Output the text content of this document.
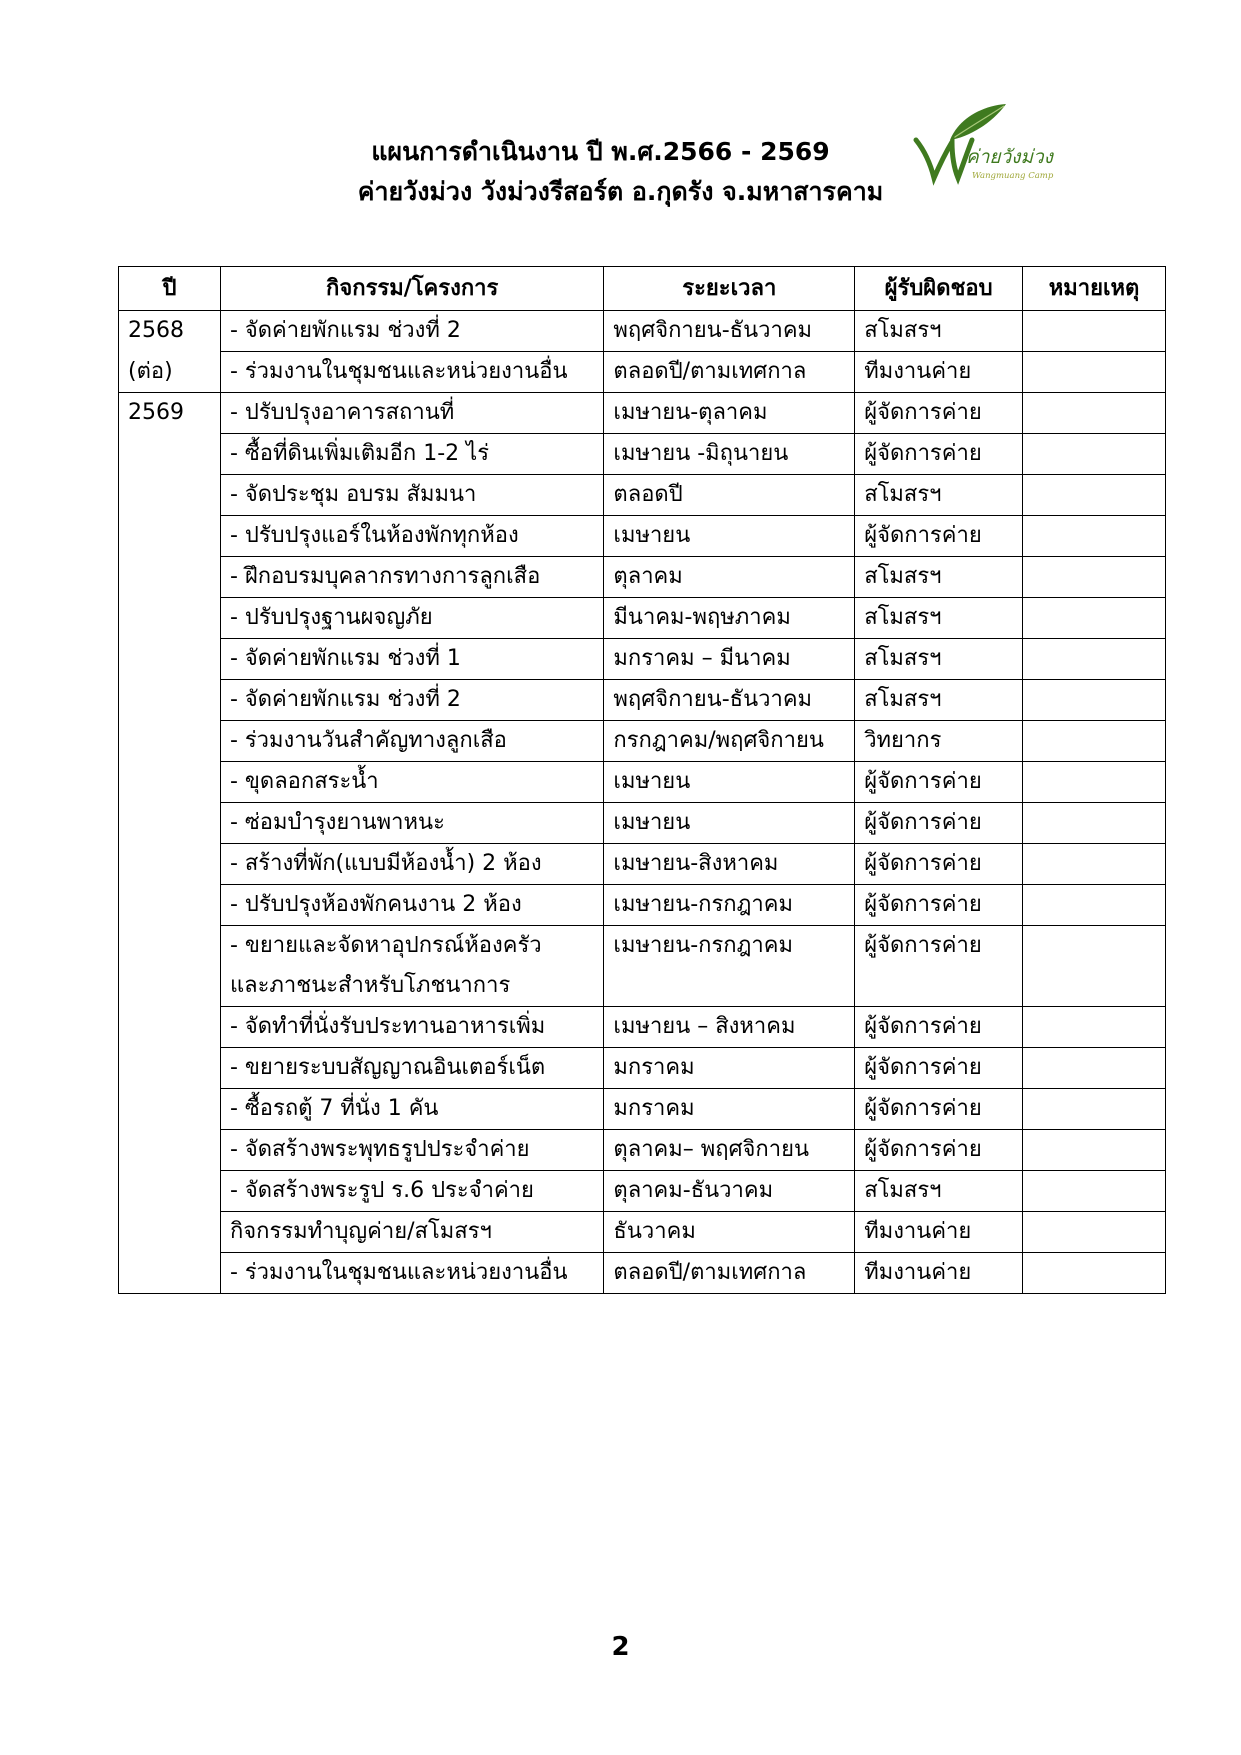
แผนการดำเนินงาน ปี พ.ศ.2566 - 2569
ค่ายวังม่วง วังม่วงรีสอร์ต อ.กุดรัง จ.มหาสารคาม
ค่ายวังม่วง
Wangmuang Camp
ปี	กิจกรรม/โครงการ	ระยะเวลา	ผู้รับผิดชอบ	หมายเหตุ
2568	- จัดค่ายพักแรม ช่วงที่ 2	พฤศจิกายน-ธันวาคม	สโมสรฯ	
(ต่อ)	- ร่วมงานในชุมชนและหน่วยงานอื่น	ตลอดปี/ตามเทศกาล	ทีมงานค่าย	
2569	- ปรับปรุงอาคารสถานที่	เมษายน-ตุลาคม	ผู้จัดการค่าย	
	- ซื้อที่ดินเพิ่มเติมอีก 1-2 ไร่	เมษายน -มิถุนายน	ผู้จัดการค่าย	
	- จัดประชุม อบรม สัมมนา	ตลอดปี	สโมสรฯ	
	- ปรับปรุงแอร์ในห้องพักทุกห้อง	เมษายน	ผู้จัดการค่าย	
	- ฝึกอบรมบุคลากรทางการลูกเสือ	ตุลาคม	สโมสรฯ	
	- ปรับปรุงฐานผจญภัย	มีนาคม-พฤษภาคม	สโมสรฯ	
	- จัดค่ายพักแรม ช่วงที่ 1	มกราคม – มีนาคม	สโมสรฯ	
	- จัดค่ายพักแรม ช่วงที่ 2	พฤศจิกายน-ธันวาคม	สโมสรฯ	
	- ร่วมงานวันสำคัญทางลูกเสือ	กรกฎาคม/พฤศจิกายน	วิทยากร	
	- ขุดลอกสระน้ำ	เมษายน	ผู้จัดการค่าย	
	- ซ่อมบำรุงยานพาหนะ	เมษายน	ผู้จัดการค่าย	
	- สร้างที่พัก(แบบมีห้องน้ำ) 2 ห้อง	เมษายน-สิงหาคม	ผู้จัดการค่าย	
	- ปรับปรุงห้องพักคนงาน 2 ห้อง	เมษายน-กรกฎาคม	ผู้จัดการค่าย	

	- ขยายและจัดหาอุปกรณ์ห้องครัว
และภาชนะสำหรับโภชนาการ	เมษายน-กรกฎาคม	ผู้จัดการค่าย	
	- จัดทำที่นั่งรับประทานอาหารเพิ่ม	เมษายน – สิงหาคม	ผู้จัดการค่าย	
	- ขยายระบบสัญญาณอินเตอร์เน็ต	มกราคม	ผู้จัดการค่าย	
	- ซื้อรถตู้ 7 ที่นั่ง 1 คัน	มกราคม	ผู้จัดการค่าย	
	- จัดสร้างพระพุทธรูปประจำค่าย	ตุลาคม– พฤศจิกายน	ผู้จัดการค่าย	
	- จัดสร้างพระรูป ร.6 ประจำค่าย	ตุลาคม-ธันวาคม	สโมสรฯ	
	กิจกรรมทำบุญค่าย/สโมสรฯ	ธันวาคม	ทีมงานค่าย	
	- ร่วมงานในชุมชนและหน่วยงานอื่น	ตลอดปี/ตามเทศกาล	ทีมงานค่าย	
2
